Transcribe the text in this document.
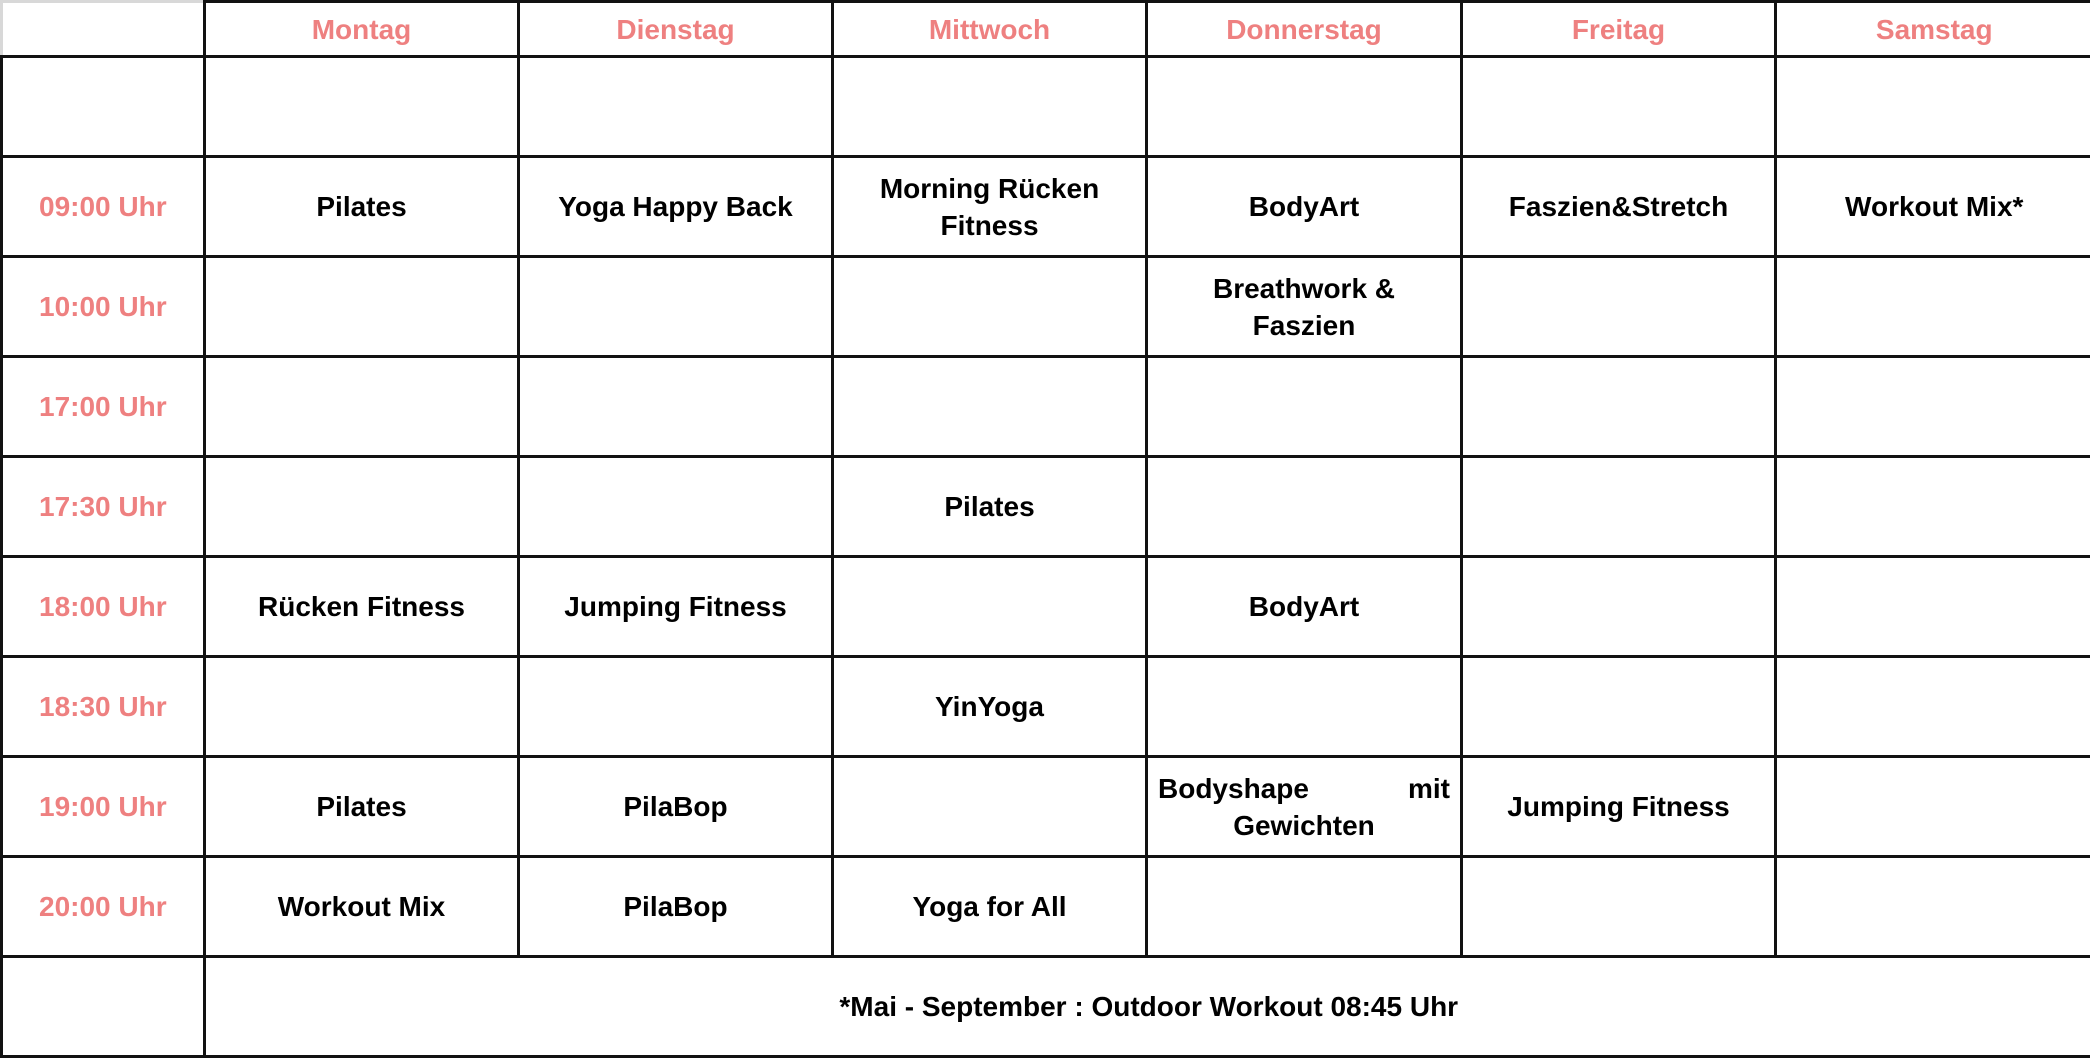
	Montag	Dienstag	Mittwoch	Donnerstag	Freitag	Samstag

09:00 Uhr	Pilates	Yoga Happy Back	Morning Rücken Fitness	BodyArt	Faszien&Stretch	Workout Mix*
10:00 Uhr				Breathwork & Faszien		
17:00 Uhr						
17:30 Uhr			Pilates			
18:00 Uhr	Rücken Fitness	Jumping Fitness		BodyArt		
18:30 Uhr			YinYoga			
19:00 Uhr	Pilates	PilaBop		Bodyshape mit Gewichten	Jumping Fitness	
20:00 Uhr	Workout Mix	PilaBop	Yoga for All			
	*Mai - September : Outdoor Workout 08:45 Uhr					
